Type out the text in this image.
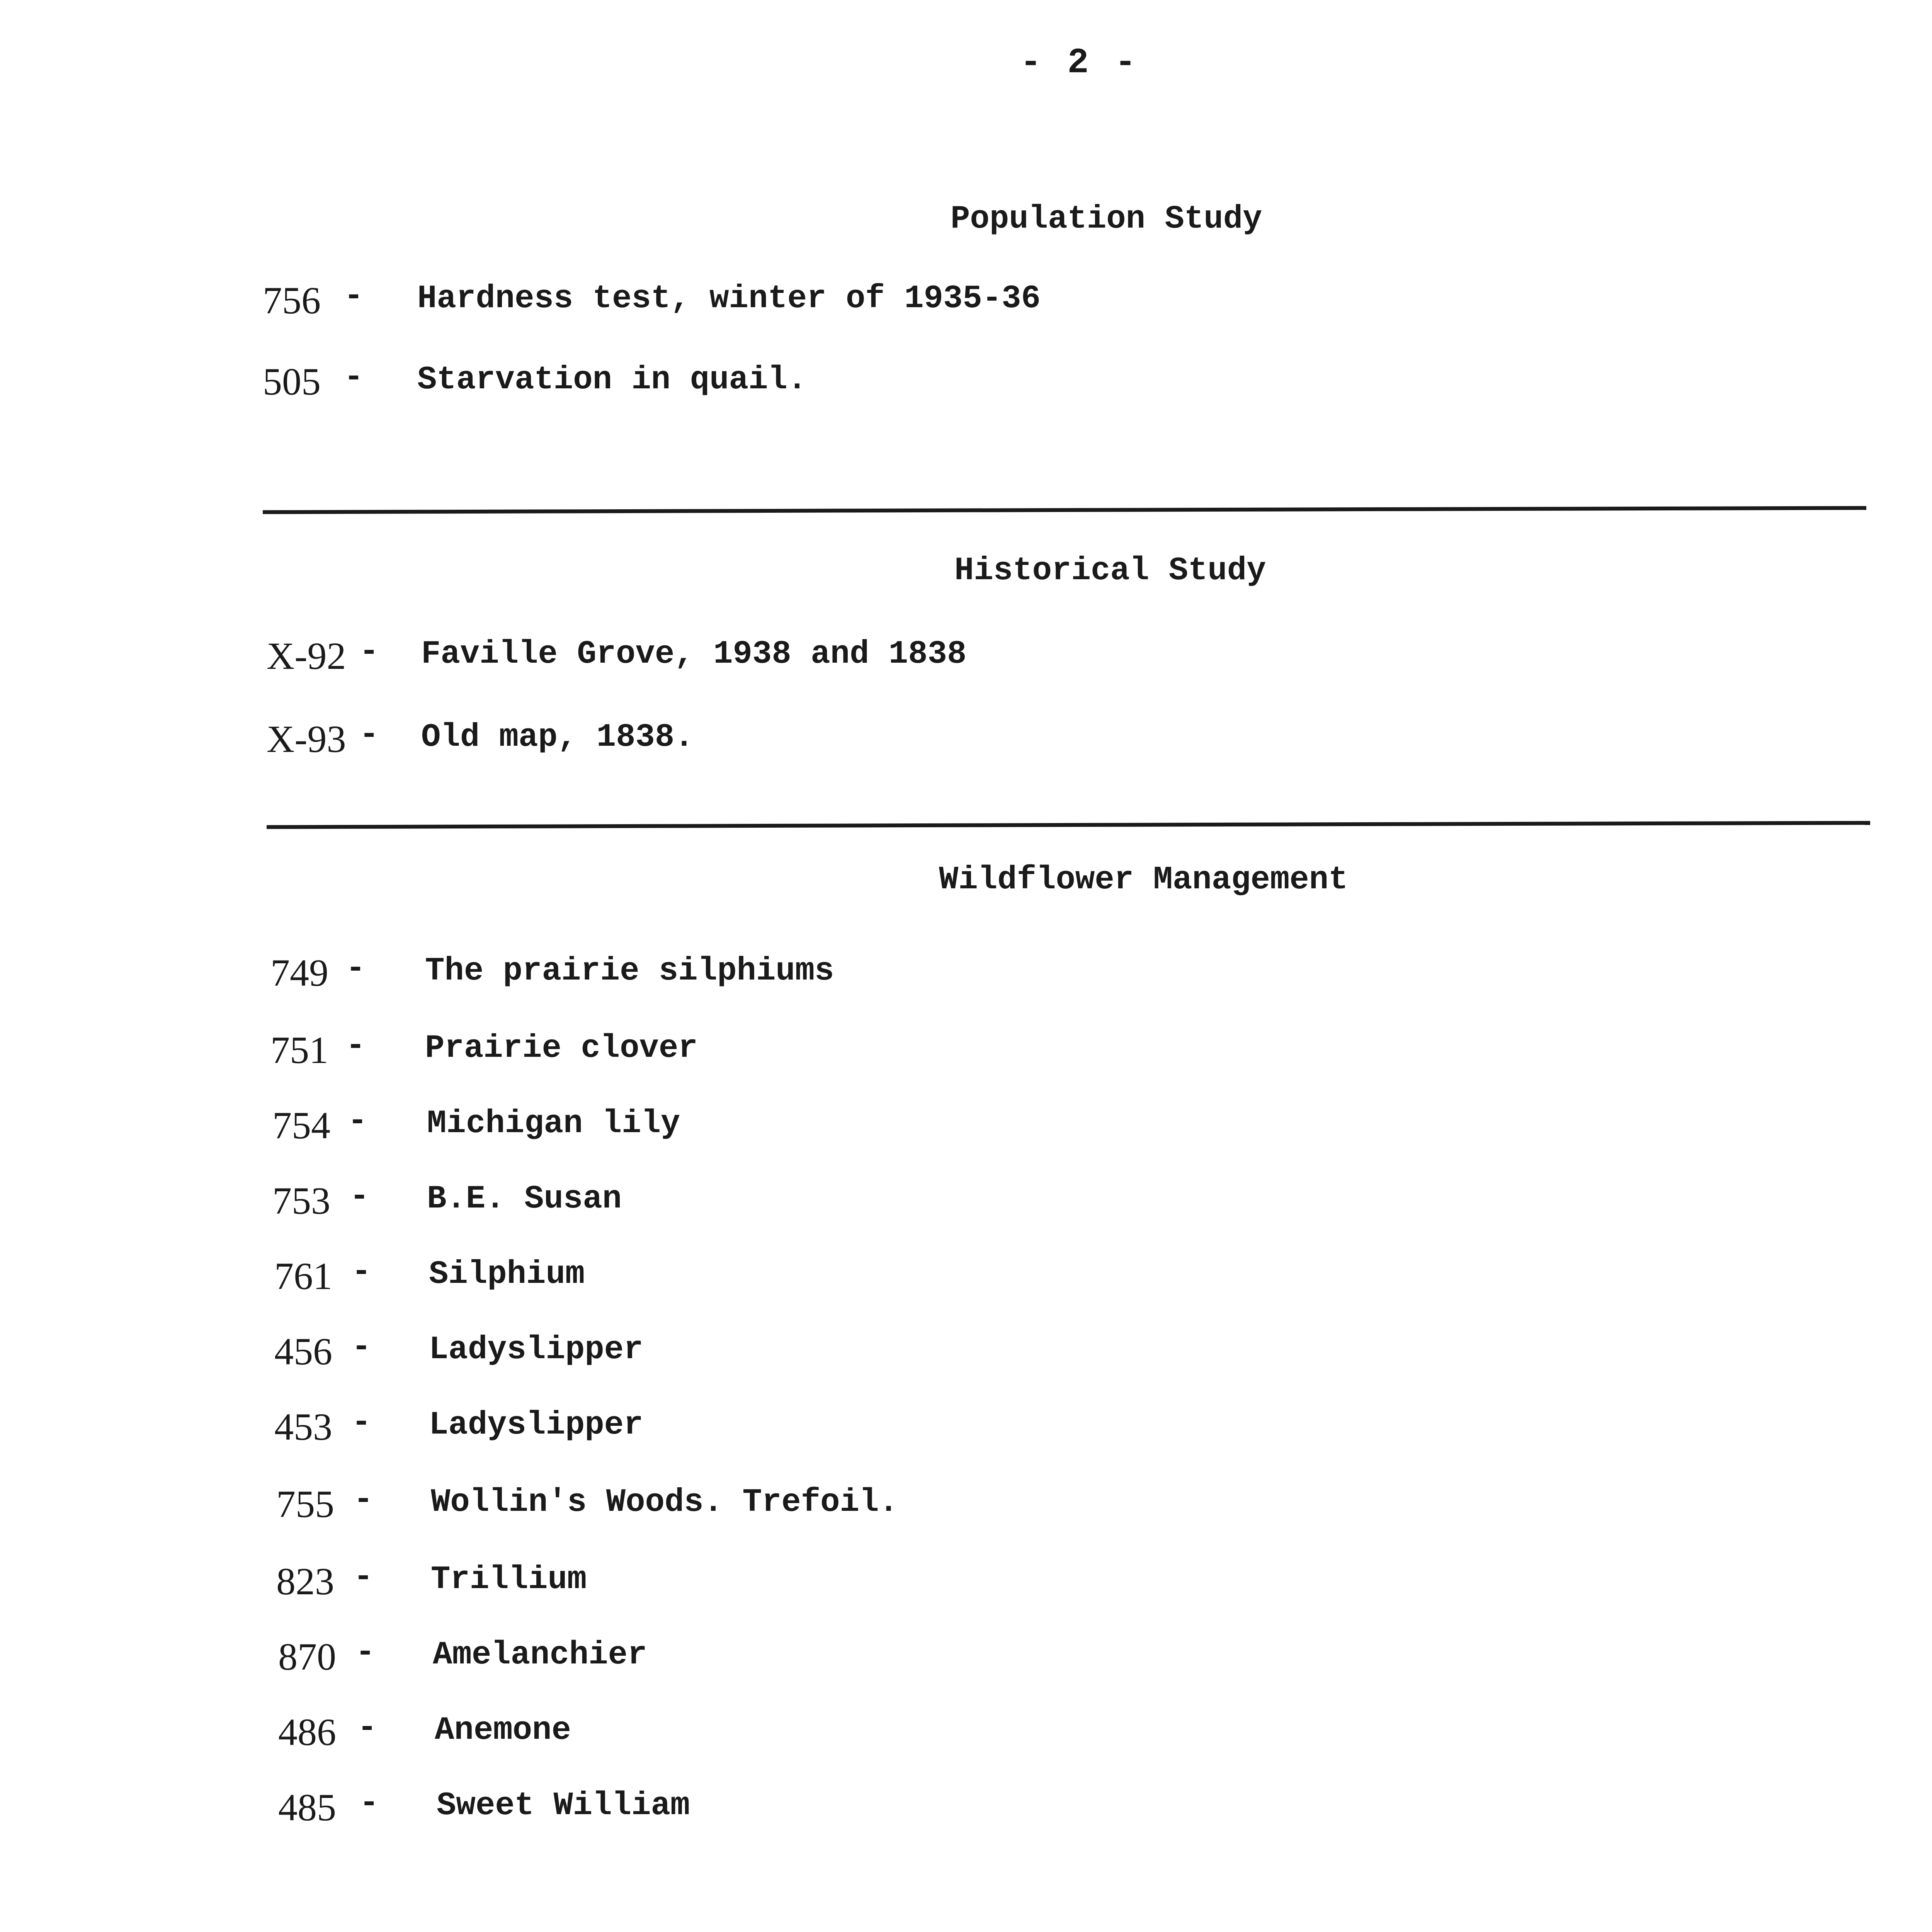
- 2 -
Population Study
756 - Hardness test, winter of 1935-36
505 - Starvation in quail.
Historical Study
X-92 - Faville Grove, 1938 and 1838
X-93 - Old map, 1838.
Wildflower Management
749 - The prairie silphiums
751 - Prairie clover
754 - Michigan lily
753 - B.E. Susan
761 - Silphium
456 - Ladyslipper
453 - Ladyslipper
755 - Wollin's Woods. Trefoil.
823 - Trillium
870 - Amelanchier
486 - Anemone
485 - Sweet William
